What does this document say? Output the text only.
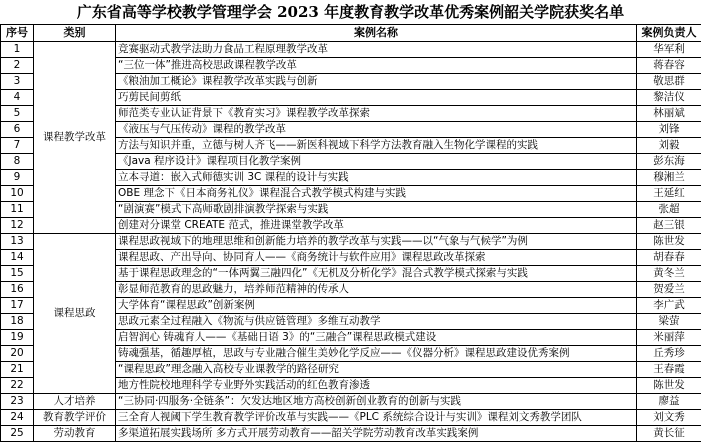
广东省高等学校教学管理学会 2023 年度教育教学改革优秀案例韶关学院获奖名单
序号	类别	案例名称	案例负责人
1	课程教学改革	竞赛驱动式教学法助力食品工程原理教学改革	华军利
2		“三位一体”推进高校思政课程教学改革	蒋春容
3		《粮油加工概论》课程教学改革实践与创新	敬思群
4		巧剪民间剪纸	黎洁仪
5		师范类专业认证背景下《教育实习》课程教学改革探索	林丽斌
6		《液压与气压传动》课程的教学改革	刘锋
7		方法与知识并重，立德与树人齐飞——新医科视域下科学方法教育融入生物化学课程的实践	刘毅
8		《Java 程序设计》课程项目化教学案例	彭东海
9		立本寻道：嵌入式师德实训 3C 课程的设计与实践	穆湘兰
10		OBE 理念下《日本商务礼仪》课程混合式教学模式构建与实践	王延红
11		“剧演赛”模式下高师歌剧排演教学探索与实践	张超
12		创建对分课堂 CREATE 范式，推进课堂教学改革	赵三银
13	课程思政	课程思政视域下的地理思维和创新能力培养的教学改革与实践——以“气象与气候学”为例	陈世发
14		课程思政、产出导向、协同育人——《商务统计与软件应用》课程思政改革探索	胡春春
15		基于课程思政理念的“一体两翼三融四化”《无机及分析化学》混合式教学模式探索与实践	黄冬兰
16		彰显师范教育的思政魅力，培养师范精神的传承人	贺爱兰
17		大学体育“课程思政”创新案例	李广武
18		思政元素全过程融入《物流与供应链管理》多维互动教学	梁萤
19		启智润心 铸魂育人——《基础日语 3》的“三融合”课程思政模式建设	米丽萍
20		铸魂强基，循趣厚植，思政与专业融合催生美妙化学反应——《仪器分析》课程思政建设优秀案例	丘秀珍
21		“课程思政”理念融入高校专业课教学的路径研究	王春霞
22		地方性院校地理科学专业野外实践活动的红色教育渗透	陈世发
23	人才培养	“三协同·四服务·全链条”：欠发达地区地方高校创新创业教育的创新与实践	廖益
24	教育教学评价	三全育人视阈下学生教育教学评价改革与实践——《PLC 系统综合设计与实训》课程刘文秀教学团队	刘文秀
25	劳动教育	多渠道拓展实践场所 多方式开展劳动教育——韶关学院劳动教育改革实践案例	黄长征
